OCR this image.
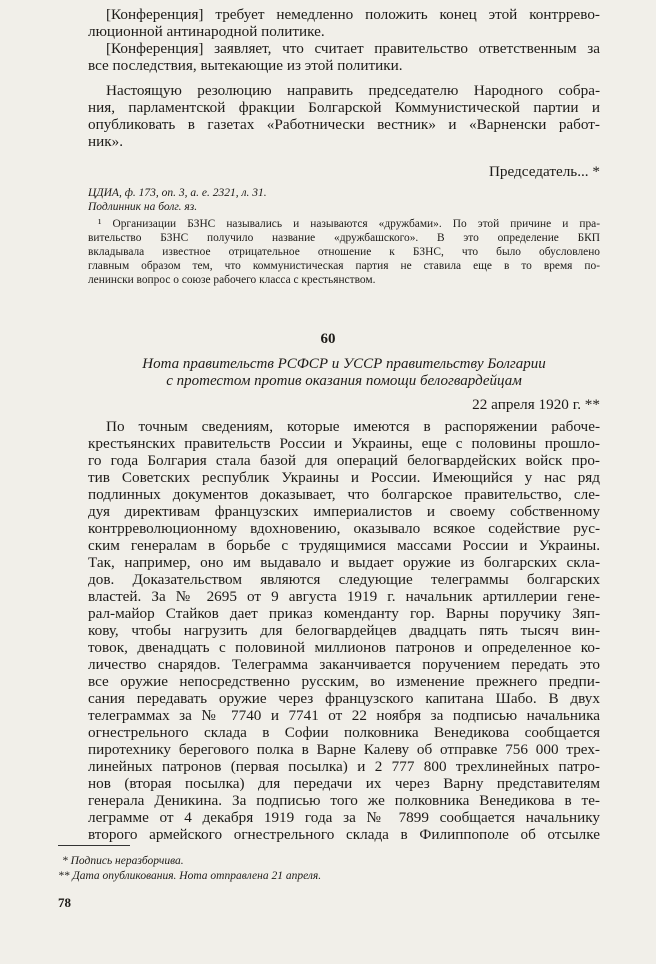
[Конференция] требует немедленно положить конец этой контррево-
люционной антинародной политике.
[Конференция] заявляет, что считает правительство ответственным за
все последствия, вытекающие из этой политики.
Настоящую резолюцию направить председателю Народного собра-
ния, парламентской фракции Болгарской Коммунистической партии и
опубликовать в газетах «Работнически вестник» и «Варненски работ-
ник».
Председатель... *
ЦДИА, ф. 173, оп. 3, а. е. 2321, л. 31.
Подлинник на болг. яз.
¹ Организации БЗНС назывались и называются «дружбами». По этой причине и пра-
вительство БЗНС получило название «дружбашского». В это определение БКП
вкладывала известное отрицательное отношение к БЗНС, что было обусловлено
главным образом тем, что коммунистическая партия не ставила еще в то время по-
ленински вопрос о союзе рабочего класса с крестьянством.
60
Нота правительств РСФСР и УССР правительству Болгарии
с протестом против оказания помощи белогвардейцам
22 апреля 1920 г. **
По точным сведениям, которые имеются в распоряжении рабоче-
крестьянских правительств России и Украины, еще с половины прошло-
го года Болгария стала базой для операций белогвардейских войск про-
тив Советских республик Украины и России. Имеющийся у нас ряд
подлинных документов доказывает, что болгарское правительство, сле-
дуя директивам французских империалистов и своему собственному
контрреволюционному вдохновению, оказывало всякое содействие рус-
ским генералам в борьбе с трудящимися массами России и Украины.
Так, например, оно им выдавало и выдает оружие из болгарских скла-
дов. Доказательством являются следующие телеграммы болгарских
властей. За № 2695 от 9 августа 1919 г. начальник артиллерии гене-
рал-майор Стайков дает приказ коменданту гор. Варны поручику Зяп-
кову, чтобы нагрузить для белогвардейцев двадцать пять тысяч вин-
товок, двенадцать с половиной миллионов патронов и определенное ко-
личество снарядов. Телеграмма заканчивается поручением передать это
все оружие непосредственно русским, во изменение прежнего предпи-
сания передавать оружие через французского капитана Шабо. В двух
телеграммах за № 7740 и 7741 от 22 ноября за подписью начальника
огнестрельного склада в Софии полковника Венедикова сообщается
пиротехнику берегового полка в Варне Калеву об отправке 756 000 трех-
линейных патронов (первая посылка) и 2 777 800 трехлинейных патро-
нов (вторая посылка) для передачи их через Варну представителям
генерала Деникина. За подписью того же полковника Венедикова в те-
леграмме от 4 декабря 1919 года за № 7899 сообщается начальнику
второго армейского огнестрельного склада в Филиппополе об отсылке
* Подпись неразборчива.
** Дата опубликования. Нота отправлена 21 апреля.
78
